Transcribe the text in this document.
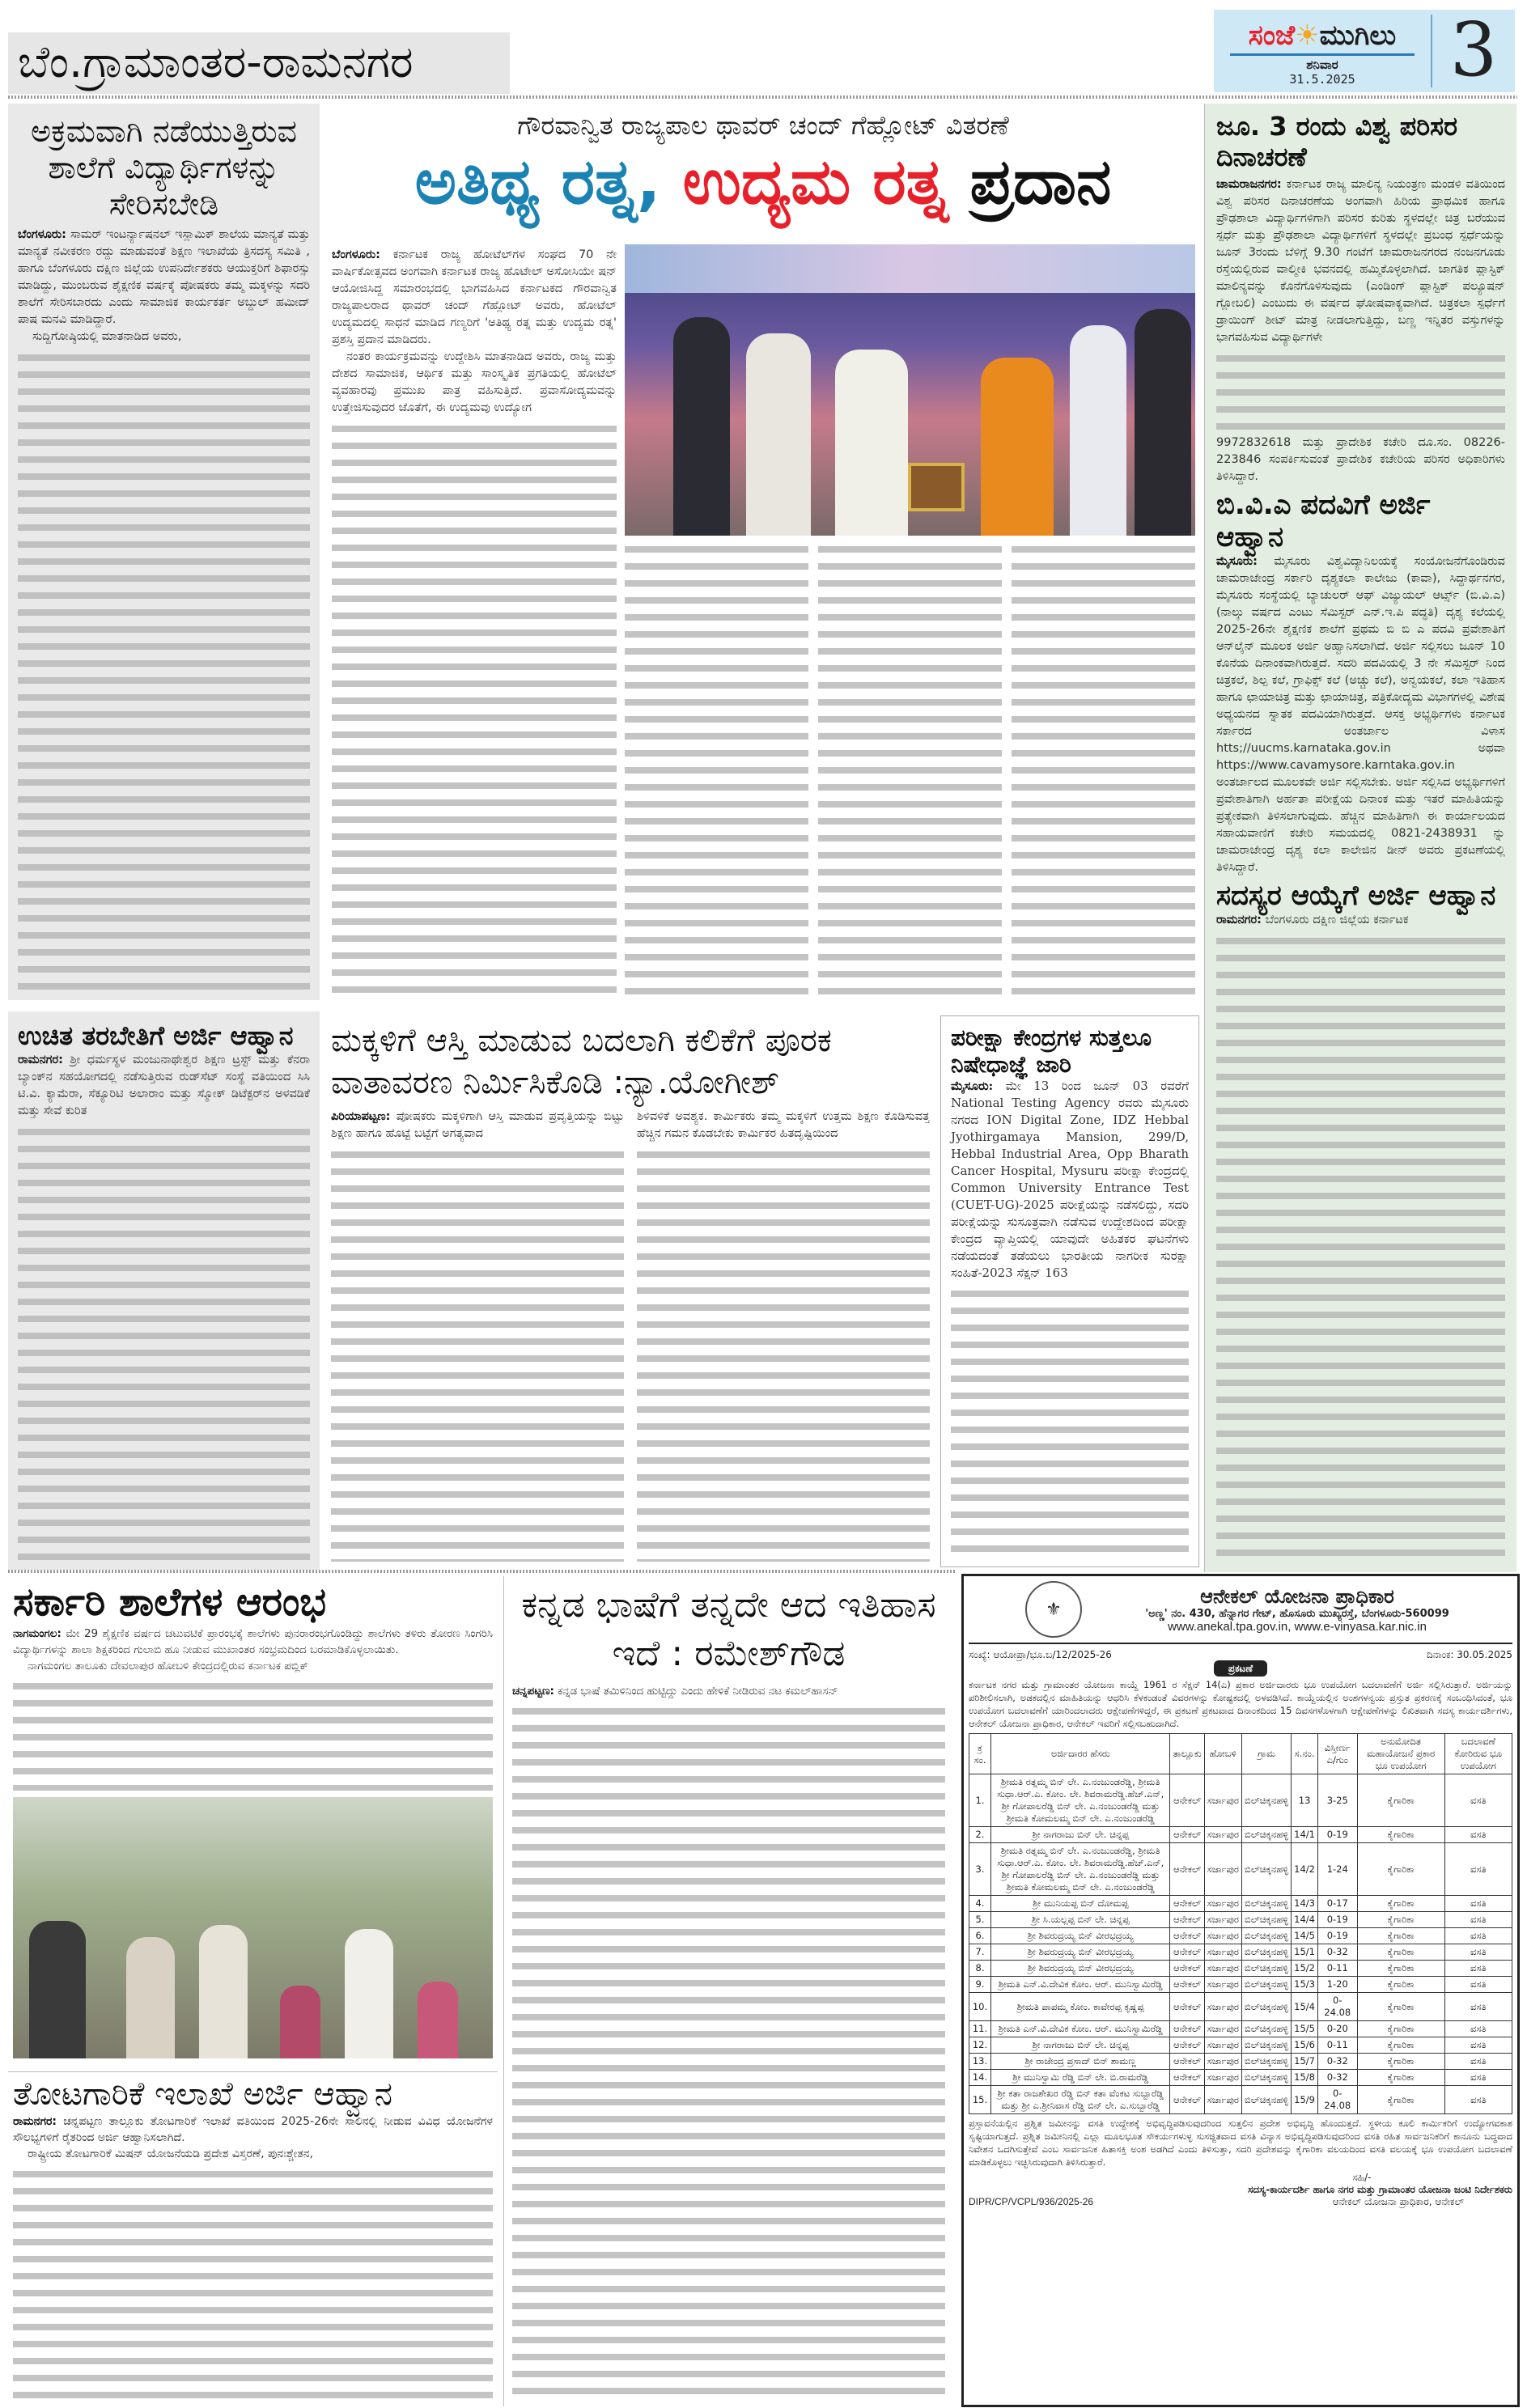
ಬೆಂ.ಗ್ರಾಮಾಂತರ-ರಾಮನಗರ
ಸಂಜೆ☀ಮುಗಿಲು
ಶನಿವಾರ
31.5.2025	3
ಅಕ್ರಮವಾಗಿ ನಡೆಯುತ್ತಿರುವ ಶಾಲೆಗೆ ವಿದ್ಯಾರ್ಥಿಗಳನ್ನು ಸೇರಿಸಬೇಡಿ

ಬೆಂಗಳೂರು: ಸಾಮರ್ ಇಂಟರ್ನ್ಯಾಷನಲ್ ಇಸ್ಲಾಮಿಕ್ ಶಾಲೆಯ ಮಾನ್ಯತೆ ಮತ್ತು ಮಾನ್ಯತೆ ನವೀಕರಣ ರದ್ದು ಮಾಡುವಂತೆ ಶಿಕ್ಷಣ ಇಲಾಖೆಯ ತ್ರಿಸದಸ್ಯ ಸಮಿತಿ , ಹಾಗೂ ಬೆಂಗಳೂರು ದಕ್ಷಿಣ ಜಿಲ್ಲೆಯ ಉಪನಿರ್ದೇಶಕರು ಆಯುಕ್ತರಿಗೆ ಶಿಫಾರಸ್ಸು ಮಾಡಿದ್ದು, ಮುಂಬರುವ ಶೈಕ್ಷಣಿಕ ವರ್ಷಕ್ಕೆ ಪೋಷಕರು ತಮ್ಮ ಮಕ್ಕಳನ್ನು ಸದರಿ ಶಾಲೆಗೆ ಸೇರಿಸಬಾರದು ಎಂದು ಸಾಮಾಜಿಕ ಕಾರ್ಯಕರ್ತ ಅಬ್ದುಲ್ ಹಮೀದ್ ಪಾಷ ಮನವಿ ಮಾಡಿದ್ದಾರೆ.

ಸುದ್ದಿಗೋಷ್ಠಿಯಲ್ಲಿ ಮಾತನಾಡಿದ ಅವರು,

ಗೌರವಾನ್ವಿತ ರಾಜ್ಯಪಾಲ ಥಾವರ್ ಚಂದ್ ಗೆಹ್ಲೋಟ್ ವಿತರಣೆ
ಅತಿಥ್ಯ ರತ್ನ, ಉದ್ಯಮ ರತ್ನ ಪ್ರದಾನ

ಬೆಂಗಳೂರು: ಕರ್ನಾಟಕ ರಾಜ್ಯ ಹೋಟೆಲ್‌ಗಳ ಸಂಘದ 70 ನೇ ವಾರ್ಷಿಕೋತ್ಸವದ ಅಂಗವಾಗಿ ಕರ್ನಾಟಕ ರಾಜ್ಯ ಹೊಟೇಲ್ ಅಸೋಸಿಯೇ ಷನ್ ಆಯೋಜಿಸಿದ್ದ ಸಮಾರಂಭದಲ್ಲಿ ಭಾಗವಹಿಸಿದ ಕರ್ನಾಟಕದ ಗೌರವಾನ್ವಿತ ರಾಜ್ಯಪಾಲರಾದ ಥಾವರ್ ಚಂದ್ ಗೆಹ್ಲೋಟ್ ಅವರು, ಹೋಟೆಲ್ ಉದ್ಯಮದಲ್ಲಿ ಸಾಧನೆ ಮಾಡಿದ ಗಣ್ಯರಿಗೆ 'ಅತಿಥ್ಯ ರತ್ನ ಮತ್ತು ಉದ್ಯಮ ರತ್ನ' ಪ್ರಶಸ್ತಿ ಪ್ರದಾನ ಮಾಡಿದರು.

ನಂತರ ಕಾರ್ಯಕ್ರಮವನ್ನು ಉದ್ದೇಶಿಸಿ ಮಾತನಾಡಿದ ಅವರು, ರಾಜ್ಯ ಮತ್ತು ದೇಶದ ಸಾಮಾಜಿಕ, ಆರ್ಥಿಕ ಮತ್ತು ಸಾಂಸ್ಕೃತಿಕ ಪ್ರಗತಿಯಲ್ಲಿ ಹೋಟೆಲ್ ವ್ಯವಹಾರವು ಪ್ರಮುಖ ಪಾತ್ರ ವಹಿಸುತ್ತಿದೆ. ಪ್ರವಾಸೋದ್ಯಮವನ್ನು ಉತ್ತೇಜಿಸುವುದರ ಜೊತೆಗೆ, ಈ ಉದ್ಯಮವು ಉದ್ಯೋಗ

ಜೂ. 3 ರಂದು ವಿಶ್ವ ಪರಿಸರ ದಿನಾಚರಣೆ

ಚಾಮರಾಜನಗರ: ಕರ್ನಾಟಕ ರಾಜ್ಯ ಮಾಲಿನ್ಯ ನಿಯಂತ್ರಣ ಮಂಡಳಿ ವತಿಯಿಂದ ವಿಶ್ವ ಪರಿಸರ ದಿನಾಚರಣೆಯ ಅಂಗವಾಗಿ ಹಿರಿಯ ಪ್ರಾಥಮಿಕ ಹಾಗೂ ಪ್ರೌಢಶಾಲಾ ವಿದ್ಯಾರ್ಥಿಗಳಿಗಾಗಿ ಪರಿಸರ ಕುರಿತು ಸ್ಥಳದಲ್ಲೇ ಚಿತ್ರ ಬರೆಯುವ ಸ್ಪರ್ಧೆ ಮತ್ತು ಪ್ರೌಢಶಾಲಾ ವಿದ್ಯಾರ್ಥಿಗಳಿಗೆ ಸ್ಥಳದಲ್ಲೇ ಪ್ರಬಂಧ ಸ್ಪರ್ಧೆಯನ್ನು ಜೂನ್ 3ರಂದು ಬೆಳಿಗ್ಗೆ 9.30 ಗಂಟೆಗೆ ಚಾಮರಾಜನಗರದ ನಂಜನಗೂಡು ರಸ್ತೆಯಲ್ಲಿರುವ ವಾಲ್ಮೀಕಿ ಭವನದಲ್ಲಿ ಹಮ್ಮಿಕೊಳ್ಳಲಾಗಿದೆ. ಜಾಗತಿಕ ಪ್ಲಾಸ್ಟಿಕ್ ಮಾಲಿನ್ಯವನ್ನು ಕೊನೆಗೊಳಿಸುವುದು (ಎಂಡಿಂಗ್ ಪ್ಲಾಸ್ಟಿಕ್ ಪಲ್ಯೂಷನ್ ಗ್ಲೋಬಲಿ) ಎಂಬುದು ಈ ವರ್ಷದ ಘೋಷವಾಕ್ಯವಾಗಿದೆ. ಚಿತ್ರಕಲಾ ಸ್ಪರ್ಧೆಗೆ ಡ್ರಾಯಿಂಗ್ ಶೀಟ್ ಮಾತ್ರ ನೀಡಲಾಗುತ್ತಿದ್ದು, ಬಣ್ಣ ಇನ್ನಿತರ ವಸ್ತುಗಳನ್ನು ಭಾಗವಹಿಸುವ ವಿದ್ಯಾರ್ಥಿಗಳೇ

9972832618 ಮತ್ತು ಪ್ರಾದೇಶಿಕ ಕಚೇರಿ ದೂ.ಸಂ. 08226-223846 ಸಂಪರ್ಕಿಸುವಂತೆ ಪ್ರಾದೇಶಿಕ ಕಚೇರಿಯ ಪರಿಸರ ಅಧಿಕಾರಿಗಳು ತಿಳಿಸಿದ್ದಾರೆ.

ಬಿ.ವಿ.ಎ ಪದವಿಗೆ ಅರ್ಜಿ ಆಹ್ವಾನ

ಮೈಸೂರು: ಮೈಸೂರು ವಿಶ್ವವಿದ್ಯಾನಿಲಯಕ್ಕೆ ಸಂಯೋಜನೆಗೊಂಡಿರುವ ಚಾಮರಾಜೇಂದ್ರ ಸರ್ಕಾರಿ ದೃಶ್ಯಕಲಾ ಕಾಲೇಜು (ಕಾವಾ), ಸಿದ್ಧಾರ್ಥನಗರ, ಮೈಸೂರು ಸಂಸ್ಥೆಯಲ್ಲಿ ಬ್ಯಾಚುಲರ್ ಆಫ್ ವಿಜ್ಯುಯಲ್ ಆರ್ಟ್ಸ್ (ಬಿ.ವಿ.ಎ) (ನಾಲ್ಕು ವರ್ಷದ ಎಂಟು ಸೆಮಿಸ್ಟರ್ ಎನ್.ಇ.ಪಿ ಪದ್ಧತಿ) ದೃಶ್ಯ ಕಲೆಯಲ್ಲಿ 2025-26ನೇ ಶೈಕ್ಷಣಿಕ ಶಾಲೆಗೆ ಪ್ರಥಮ ಬಿ ಬಿ ಎ ಪದವಿ ಪ್ರವೇಶಾತಿಗೆ ಆನ್‌ಲೈನ್ ಮೂಲಕ ಅರ್ಜಿ ಅಹ್ವಾನಿಸಲಾಗಿದೆ. ಅರ್ಜಿ ಸಲ್ಲಿಸಲು ಜೂನ್ 10 ಕೊನೆಯ ದಿನಾಂಕವಾಗಿರುತ್ತದೆ. ಸದರಿ ಪದವಿಯಲ್ಲಿ 3 ನೇ ಸೆಮಿಸ್ಟರ್ ನಿಂದ ಚಿತ್ರಕಲೆ, ಶಿಲ್ಪ ಕಲೆ, ಗ್ರಾಫಿಕ್ಸ್ ಕಲೆ (ಅಚ್ಚು ಕಲೆ), ಅನ್ವಯಕಲೆ, ಕಲಾ ಇತಿಹಾಸ ಹಾಗೂ ಛಾಯಾಚಿತ್ರ ಮತ್ತು ಛಾಯಾಚಿತ್ರ, ಪತ್ರಿಕೋದ್ಯಮ ವಿಭಾಗಗಳಲ್ಲಿ ವಿಶೇಷ ಅಧ್ಯಯನದ ಸ್ನಾತಕ ಪದವಿಯಾಗಿರುತ್ತದೆ. ಆಸಕ್ತ ಅಭ್ಯರ್ಥಿಗಳು ಕರ್ನಾಟಕ ಸರ್ಕಾರದ ಅಂತರ್ಜಾಲ ವಿಳಾಸ htts;//uucms.karnataka.gov.in ಅಥವಾ https://www.cavamysore.karntaka.gov.in ಅಂತರ್ಜಾಲದ ಮೂಲಕವೇ ಅರ್ಜಿ ಸಲ್ಲಿಸಬೇಕು. ಅರ್ಜಿ ಸಲ್ಲಿಸಿದ ಅಭ್ಯರ್ಥಿಗಳಿಗೆ ಪ್ರವೇಶಾತಿಗಾಗಿ ಅರ್ಹತಾ ಪರೀಕ್ಷೆಯ ದಿನಾಂಕ ಮತ್ತು ಇತರೆ ಮಾಹಿತಿಯನ್ನು ಪ್ರತ್ಯೇಕವಾಗಿ ತಿಳಿಸಲಾಗುವುದು. ಹೆಚ್ಚಿನ ಮಾಹಿತಿಗಾಗಿ ಈ ಕಾರ್ಯಾಲಯದ ಸಹಾಯವಾಣಿಗೆ ಕಚೇರಿ ಸಮಯದಲ್ಲಿ 0821-2438931 ನ್ನು ಚಾಮರಾಜೇಂದ್ರ ದೃಶ್ಯ ಕಲಾ ಕಾಲೇಜಿನ ಡೀನ್ ಅವರು ಪ್ರಕಟಣೆಯಲ್ಲಿ ತಿಳಿಸಿದ್ದಾರೆ.

ಸದಸ್ಯರ ಆಯ್ಕೆಗೆ ಅರ್ಜಿ ಆಹ್ವಾನ

ರಾಮನಗರ: ಬೆಂಗಳೂರು ದಕ್ಷಿಣ ಜಿಲ್ಲೆಯ ಕರ್ನಾಟಕ

ಉಚಿತ ತರಬೇತಿಗೆ ಅರ್ಜಿ ಆಹ್ವಾನ

ರಾಮನಗರ: ಶ್ರೀ ಧರ್ಮಸ್ಥಳ ಮಂಜುನಾಥೇಶ್ವರ ಶಿಕ್ಷಣ ಟ್ರಸ್ಟ್ ಮತ್ತು ಕೆನರಾ ಬ್ಯಾಂಕ್‌ನ ಸಹಯೋಗದಲ್ಲಿ ನಡೆಸುತ್ತಿರುವ ರುಡ್‌ಸೆಟ್ ಸಂಸ್ಥೆ ವತಿಯಿಂದ ಸಿಸಿ ಟಿ.ವಿ. ಕ್ಯಾಮೆರಾ, ಸೆಕ್ಯೂರಿಟಿ ಅಲಾರಾಂ ಮತ್ತು ಸ್ಮೋಕ್ ಡಿಟೆಕ್ಟರ್‌ನ ಅಳವಡಿಕೆ ಮತ್ತು ಸೇವೆ ಕುರಿತ

ಮಕ್ಕಳಿಗೆ ಆಸ್ತಿ ಮಾಡುವ ಬದಲಾಗಿ ಕಲಿಕೆಗೆ ಪೂರಕ ವಾತಾವರಣ ನಿರ್ಮಿಸಿಕೊಡಿ :ನ್ಯಾ.ಯೋಗೀಶ್

ಪಿರಿಯಾಪಟ್ಟಣ: ಪೋಷಕರು ಮಕ್ಕಳಿಗಾಗಿ ಆಸ್ತಿ ಮಾಡುವ ಪ್ರವೃತ್ತಿಯನ್ನು ಬಿಟ್ಟು ಶಿಕ್ಷಣ ಹಾಗೂ ಹೊಟ್ಟೆ ಬಟ್ಟೆಗೆ ಅಗತ್ಯವಾದ

ಶಿಳಿವಳಿಕೆ ಅವಶ್ಯಕ. ಕಾರ್ಮಿಕರು ತಮ್ಮ ಮಕ್ಕಳಿಗೆ ಉತ್ತಮ ಶಿಕ್ಷಣ ಕೊಡಿಸುವತ್ತ ಹೆಚ್ಚಿನ ಗಮನ ಕೊಡಬೇಕು ಕಾರ್ಮಿಕರ ಹಿತದೃಷ್ಟಿಯಿಂದ

ಪರೀಕ್ಷಾ ಕೇಂದ್ರಗಳ ಸುತ್ತಲೂ ನಿಷೇಧಾಜ್ಞೆ ಜಾರಿ

ಮೈಸೂರು: ಮೇ 13 ರಿಂದ ಜೂನ್ 03 ರವರೆಗೆ National Testing Agency ರವರು ಮೈಸೂರು ನಗರದ ION Digital Zone, IDZ Hebbal Jyothirgamaya Mansion, 299/D, Hebbal Industrial Area, Opp Bharath Cancer Hospital, Mysuru ಪರೀಕ್ಷಾ ಕೇಂದ್ರದಲ್ಲಿ Common University Entrance Test (CUET-UG)-2025 ಪರೀಕ್ಷೆಯನ್ನು ನಡೆಸಲಿದ್ದು, ಸದರಿ ಪರೀಕ್ಷೆಯನ್ನು ಸುಸೂತ್ರವಾಗಿ ನಡೆಸುವ ಉದ್ದೇಶದಿಂದ ಪರೀಕ್ಷಾ ಕೇಂದ್ರದ ವ್ಯಾಪ್ತಿಯಲ್ಲಿ ಯಾವುದೇ ಅಹಿತಕರ ಘಟನೆಗಳು ನಡೆಯದಂತೆ ತಡೆಯಲು ಭಾರತೀಯ ನಾಗರೀಕ ಸುರಕ್ಷಾ ಸಂಹಿತೆ-2023 ಸೆಕ್ಷನ್ 163

ಸರ್ಕಾರಿ ಶಾಲೆಗಳ ಆರಂಭ

ನಾಗಮಂಗಲ: ಮೇ 29 ಶೈಕ್ಷಣಿಕ ವರ್ಷದ ಚಟುವಟಿಕೆ ಪ್ರಾರಂಭಕ್ಕೆ ಶಾಲೆಗಳು ಪುನರಾರಂಭಗೊಂಡಿದ್ದು ಶಾಲೆಗಳು ತಳಿರು ತೋರಣ ಸಿಂಗರಿಸಿ ವಿದ್ಯಾರ್ಥಿಗಳನ್ನು ಶಾಲಾ ಶಿಕ್ಷಕರಿಂದ ಗುಲಾಬಿ ಹೂ ನೀಡುವ ಮುಖಾಂತರ ಸಂಭ್ರಮದಿಂದ ಬರಮಾಡಿಕೊಳ್ಳಲಾಯಿತು.

ನಾಗಮಂಗಲ ತಾಲೂಕು ದೇವಲಾಪುರ ಹೋಬಳಿ ಕೇಂದ್ರದಲ್ಲಿರುವ ಕರ್ನಾಟಕ ಪಬ್ಲಿಕ್

ತೋಟಗಾರಿಕೆ ಇಲಾಖೆ ಅರ್ಜಿ ಆಹ್ವಾನ

ರಾಮನಗರ: ಚನ್ನಪಟ್ಟಣ ತಾಲ್ಲೂಕು ತೋಟಗಾರಿಕೆ ಇಲಾಖೆ ವತಿಯಿಂದ 2025-26ನೇ ಸಾಲಿನಲ್ಲಿ ನೀಡುವ ವಿವಿಧ ಯೋಜನೆಗಳ ಸೌಲಭ್ಯಗಳಿಗೆ ರೈತರಿಂದ ಅರ್ಜಿ ಆಹ್ವಾನಿಸಲಾಗಿದೆ.

ರಾಷ್ಟ್ರೀಯ ತೋಟಗಾರಿಕೆ ಮಿಷನ್ ಯೋಜನೆಯಡಿ ಪ್ರದೇಶ ವಿಸ್ತರಣೆ, ಪುನಃಶ್ಚೇತನ,

ಕನ್ನಡ ಭಾಷೆಗೆ ತನ್ನದೇ ಆದ ಇತಿಹಾಸ ಇದೆ : ರಮೇಶ್‌ಗೌಡ

ಚನ್ನಪಟ್ಟಣ: ಕನ್ನಡ ಭಾಷೆ ತಮಿಳಿನಿಂದ ಹುಟ್ಟಿದ್ದು ಎಂದು ಹೇಳಿಕೆ ನೀಡಿರುವ ನಟ ಕಮಲ್‌ಹಾಸನ್

⚜
ಆನೇಕಲ್ ಯೋಜನಾ ಪ್ರಾಧಿಕಾರ
'ಅಣ್ಣ' ನಂ. 430, ಹೆನ್ನಾಗರ ಗೇಟ್, ಹೊಸೂರು ಮುಖ್ಯರಸ್ತೆ, ಬೆಂಗಳೂರು-560099
www.anekal.tpa.gov.in, www.e-vinyasa.kar.nic.in
ಸಂಖ್ಯೆ: ಆಯೋಪ್ರಾ/ಭೂ.ಬ/12/2025-26	ದಿನಾಂಕ: 30.05.2025
ಪ್ರಕಟಣೆ
ಕರ್ನಾಟಕ ನಗರ ಮತ್ತು ಗ್ರಾಮಾಂತರ ಯೋಜನಾ ಕಾಯ್ದೆ 1961 ರ ಸೆಕ್ಷನ್ 14(ಎ) ಪ್ರಕಾರ ಅರ್ಜಿದಾರರು ಭೂ ಉಪಯೋಗ ಬದಲಾವಣೆಗೆ ಅರ್ಜಿ ಸಲ್ಲಿಸಿರುತ್ತಾರೆ. ಅರ್ಜಿಯನ್ನು ಪರಿಶೀಲಿಸಲಾಗಿ, ಅಡಕದಲ್ಲಿನ ಮಾಹಿತಿಯನ್ನು ಆಧರಿಸಿ ಕೆಳಕಂಡಂತೆ ವಿವರಗಳನ್ನು ಕೋಷ್ಟಕದಲ್ಲಿ ಅಳವಡಿಸಿದೆ. ಕಾಯ್ದೆಯಲ್ಲಿನ ಅಂಶಗಳನ್ವಯ ಪ್ರಸ್ತುತ ಪ್ರಕರಣಕ್ಕೆ ಸಂಬಂಧಿಸಿದಂತೆ, ಭೂ ಉಪಯೋಗ ಬದಲಾವಣೆಗೆ ಯಾರಿಂದಲಾದರು ಆಕ್ಷೇಪಣೆಗಳಿದ್ದರೆ, ಈ ಪ್ರಕಟಣೆ ಪ್ರಕಟವಾದ ದಿನಾಂಕದಿಂದ 15 ದಿವಸಗಳೊಳಗಾಗಿ ಆಕ್ಷೇಪಣೆಗಳನ್ನು ಲಿಖಿತವಾಗಿ ಸದಸ್ಯ ಕಾರ್ಯದರ್ಶಿಗಳು, ಆನೇಕಲ್ ಯೋಜನಾ ಪ್ರಾಧಿಕಾರ, ಆನೇಕಲ್ ಇವರಿಗೆ ಸಲ್ಲಿಸಬಹುದಾಗಿದೆ.
ಕ್ರ ಸಂ.	ಅರ್ಜಿದಾರರ ಹೆಸರು	ತಾಲ್ಲೂಕು	ಹೋಬಳಿ	ಗ್ರಾಮ	ಸ.ನಂ.	ವಿಸ್ತೀರ್ಣ ಎ/ಗುಂ	ಅನುಮೋದಿತ ಮಹಾಯೋಜನೆ ಪ್ರಕಾರ ಭೂ ಉಪಯೋಗ	ಬದಲಾವಣೆ ಕೋರಿರುವ ಭೂ ಉಪಯೋಗ
1.	ಶ್ರೀಮತಿ ರತ್ನಮ್ಮ ಬಿನ್ ಲೇ. ಎ.ನಂಜುಂಡರೆಡ್ಡಿ, ಶ್ರೀಮತಿ ಸುಧಾ.ಆರ್.ಎ. ಕೋಂ. ಲೇ. ಶಿವರಾಮರೆಡ್ಡಿ.ಹೆಚ್.ಎನ್, ಶ್ರೀ ಗೋಪಾಲರೆಡ್ಡಿ ಬಿನ್ ಲೇ. ಎ.ನಂಜುಂಡರೆಡ್ಡಿ ಮತ್ತು ಶ್ರೀಮತಿ ಕೋಮಲಮ್ಮ ಬಿನ್ ಲೇ. ಎ.ನಂಜುಂಡರೆಡ್ಡಿ	ಆನೇಕಲ್	ಸರ್ಜಾಪುರ	ಬಿಲ್‌ಚಿಕ್ಕನಹಳ್ಳಿ	13	3-25	ಕೈಗಾರಿಕಾ	ವಸತಿ
2.	ಶ್ರೀ ನಾಗರಾಜು ಬಿನ್ ಲೇ. ಚಿನ್ನಪ್ಪ	ಆನೇಕಲ್	ಸರ್ಜಾಪುರ	ಬಿಲ್‌ಚಿಕ್ಕನಹಳ್ಳಿ	14/1	0-19	ಕೈಗಾರಿಕಾ	ವಸತಿ
3.	ಶ್ರೀಮತಿ ರತ್ನಮ್ಮ ಬಿನ್ ಲೇ. ಎ.ನಂಜುಂಡರೆಡ್ಡಿ, ಶ್ರೀಮತಿ ಸುಧಾ.ಆರ್.ಎ. ಕೋಂ. ಲೇ. ಶಿವರಾಮರೆಡ್ಡಿ.ಹೆಚ್.ಎನ್, ಶ್ರೀ ಗೋಪಾಲರೆಡ್ಡಿ ಬಿನ್ ಲೇ. ಎ.ನಂಜುಂಡರೆಡ್ಡಿ ಮತ್ತು ಶ್ರೀಮತಿ ಕೋಮಲಮ್ಮ ಬಿನ್ ಲೇ. ಎ.ನಂಜುಂಡರೆಡ್ಡಿ	ಆನೇಕಲ್	ಸರ್ಜಾಪುರ	ಬಿಲ್‌ಚಿಕ್ಕನಹಳ್ಳಿ	14/2	1-24	ಕೈಗಾರಿಕಾ	ವಸತಿ
4.	ಶ್ರೀ ಮುನಿಯಪ್ಪ ಬಿನ್ ದೋಮಪ್ಪ	ಆನೇಕಲ್	ಸರ್ಜಾಪುರ	ಬಿಲ್‌ಚಿಕ್ಕನಹಳ್ಳಿ	14/3	0-17	ಕೈಗಾರಿಕಾ	ವಸತಿ
5.	ಶ್ರೀ ಸಿ.ಯಲ್ಲಪ್ಪ ಬಿನ್ ಲೇ. ಚಿನ್ನಪ್ಪ	ಆನೇಕಲ್	ಸರ್ಜಾಪುರ	ಬಿಲ್‌ಚಿಕ್ಕನಹಳ್ಳಿ	14/4	0-19	ಕೈಗಾರಿಕಾ	ವಸತಿ
6.	ಶ್ರೀ ಶಿವರುದ್ರಯ್ಯ ಬಿನ್ ವೀರಭದ್ರಯ್ಯ	ಆನೇಕಲ್	ಸರ್ಜಾಪುರ	ಬಿಲ್‌ಚಿಕ್ಕನಹಳ್ಳಿ	14/5	0-19	ಕೈಗಾರಿಕಾ	ವಸತಿ
7.	ಶ್ರೀ ಶಿವರುದ್ರಯ್ಯ ಬಿನ್ ವೀರಭದ್ರಯ್ಯ	ಆನೇಕಲ್	ಸರ್ಜಾಪುರ	ಬಿಲ್‌ಚಿಕ್ಕನಹಳ್ಳಿ	15/1	0-32	ಕೈಗಾರಿಕಾ	ವಸತಿ
8.	ಶ್ರೀ ಶಿವರುದ್ರಯ್ಯ ಬಿನ್ ವೀರಭದ್ರಯ್ಯ	ಆನೇಕಲ್	ಸರ್ಜಾಪುರ	ಬಿಲ್‌ಚಿಕ್ಕನಹಳ್ಳಿ	15/2	0-11	ಕೈಗಾರಿಕಾ	ವಸತಿ
9.	ಶ್ರೀಮತಿ ಎನ್.ವಿ.ದೇವಿಕ ಕೋಂ. ಆರ್. ಮುನಿಸ್ವಾಮಿರೆಡ್ಡಿ	ಆನೇಕಲ್	ಸರ್ಜಾಪುರ	ಬಿಲ್‌ಚಿಕ್ಕನಹಳ್ಳಿ	15/3	1-20	ಕೈಗಾರಿಕಾ	ವಸತಿ
10.	ಶ್ರೀಮತಿ ಪಾಪಮ್ಮ ಕೋಂ. ಕಾವೇರಪ್ಪ ಕೃಷ್ಣಪ್ಪ	ಆನೇಕಲ್	ಸರ್ಜಾಪುರ	ಬಿಲ್‌ಚಿಕ್ಕನಹಳ್ಳಿ	15/4	0-24.08	ಕೈಗಾರಿಕಾ	ವಸತಿ
11.	ಶ್ರೀಮತಿ ಎನ್.ವಿ.ದೇವಿಕ ಕೋಂ. ಆರ್. ಮುನಿಸ್ವಾಮಿರೆಡ್ಡಿ	ಆನೇಕಲ್	ಸರ್ಜಾಪುರ	ಬಿಲ್‌ಚಿಕ್ಕನಹಳ್ಳಿ	15/5	0-20	ಕೈಗಾರಿಕಾ	ವಸತಿ
12.	ಶ್ರೀ ನಾಗರಾಜು ಬಿನ್ ಲೇ. ಚಿನ್ನಪ್ಪ	ಆನೇಕಲ್	ಸರ್ಜಾಪುರ	ಬಿಲ್‌ಚಿಕ್ಕನಹಳ್ಳಿ	15/6	0-11	ಕೈಗಾರಿಕಾ	ವಸತಿ
13.	ಶ್ರೀ ರಾಜೇಂದ್ರ ಪ್ರಸಾದ್ ಬಿನ್ ಶಾಮಣ್ಣ	ಆನೇಕಲ್	ಸರ್ಜಾಪುರ	ಬಿಲ್‌ಚಿಕ್ಕನಹಳ್ಳಿ	15/7	0-32	ಕೈಗಾರಿಕಾ	ವಸತಿ
14.	ಶ್ರೀ ಮುನಿಸ್ವಾಮಿ ರೆಡ್ಡಿ ಬಿನ್ ಲೇ. ಬಿ.ರಾಮರೆಡ್ಡಿ	ಆನೇಕಲ್	ಸರ್ಜಾಪುರ	ಬಿಲ್‌ಚಿಕ್ಕನಹಳ್ಳಿ	15/8	0-32	ಕೈಗಾರಿಕಾ	ವಸತಿ
15.	ಶ್ರೀ ಕತಾ ರಾಜಶೇಖರ ರೆಡ್ಡಿ ಬಿನ್ ಕತಾ ವೆಂಕಟ ಸುಬ್ಬಾರೆಡ್ಡಿ ಮತ್ತು ಶ್ರೀ ಎ.ಶ್ರೀನಿವಾಸ ರೆಡ್ಡಿ ಬಿನ್ ಲೇ. ಎ.ಸುಬ್ಬಾರೆಡ್ಡಿ	ಆನೇಕಲ್	ಸರ್ಜಾಪುರ	ಬಿಲ್‌ಚಿಕ್ಕನಹಳ್ಳಿ	15/9	0-24.08	ಕೈಗಾರಿಕಾ	ವಸತಿ
ಪ್ರಸ್ತಾವನೆಯಲ್ಲಿನ ಪ್ರಶ್ನಿತ ಜಮೀನನ್ನು ವಸತಿ ಉದ್ದೇಶಕ್ಕೆ ಅಭಿವೃದ್ಧಿಪಡಿಸುವುದರಿಂದ ಸುತ್ತಲಿನ ಪ್ರದೇಶ ಅಭಿವೃದ್ಧಿ ಹೊಂದುತ್ತದೆ. ಸ್ಥಳೀಯ ಕೂಲಿ ಕಾರ್ಮಿಕರಿಗೆ ಉದ್ಯೋಗವಕಾಶ ಸೃಷ್ಟಿಯಾಗುತ್ತದೆ. ಪ್ರಶ್ನಿತ ಜಮೀನಿನಲ್ಲಿ ಎಲ್ಲಾ ಮೂಲಭೂತ ಸೌಕರ್ಯಗಳುಳ್ಳ ಸುಸಜ್ಜಿತವಾದ ವಸತಿ ವಿನ್ಯಾಸ ಅಭಿವೃದ್ಧಿಪಡಿಸುವುದರಿಂದ ವಸತಿ ರಹಿತ ಸಾರ್ವಜನಿಕರಿಗೆ ಕಾನೂನು ಬದ್ಧವಾದ ನಿವೇಶನ ಒದಗಿಸುತ್ತೇವೆ ಎಂಬ ಸಾರ್ವಜನಿಕ ಹಿತಾಸಕ್ತಿ ಅಂಶ ಅಡಗಿದೆ ಎಂದು ತಿಳಿಸುತ್ತಾ, ಸದರಿ ಪ್ರದೇಶವನ್ನು ಕೈಗಾರಿಕಾ ವಲಯದಿಂದ ವಸತಿ ವಲಯಕ್ಕೆ ಭೂ ಉಪಯೋಗ ಬದಲಾವಣೆ ಮಾಡಿಕೊಳ್ಳಲು ಇಚ್ಛಿಸಿರುವುದಾಗಿ ತಿಳಿಸಿರುತ್ತಾರೆ.
ಸಹಿ/-
ಸದಸ್ಯ-ಕಾರ್ಯದರ್ಶಿ ಹಾಗೂ ನಗರ ಮತ್ತು ಗ್ರಾಮಾಂತರ ಯೋಜನಾ ಜಂಟಿ ನಿರ್ದೇಶಕರು
DIPR/CP/VCPL/936/2025-26	ಆನೇಕಲ್ ಯೋಜನಾ ಪ್ರಾಧಿಕಾರ, ಆನೇಕಲ್
